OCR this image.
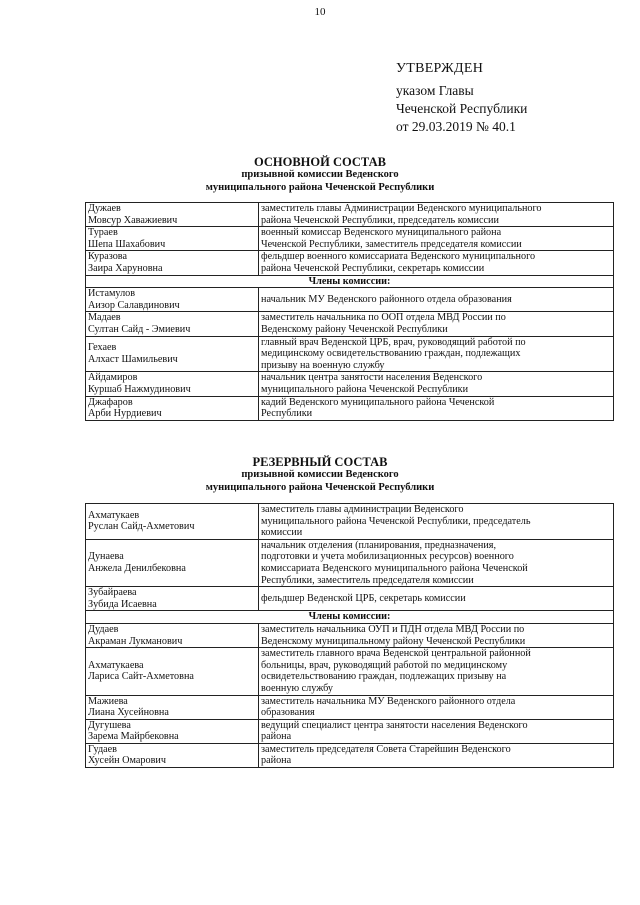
10
УТВЕРЖДЕН
указом Главы
Чеченской Республики
от 29.03.2019 № 40.1
ОСНОВНОЙ СОСТАВ
призывной комиссии Веденского
муниципального района Чеченской Республики
Дужаев
Мовсур Хаважиевич	заместитель главы Администрации Веденского муниципального
района Чеченской Республики, председатель комиссии

Тураев
Шепа Шахабович	военный комиссар Веденского муниципального района
Чеченской Республики, заместитель председателя комиссии

Куразова
Заира Харуновна	фельдшер военного комиссариата Веденского муниципального
района Чеченской Республики, секретарь комиссии

Члены комиссии:	

Истамулов
Аизор Салавдинович	начальник МУ Веденского районного отдела образования

Мадаев
Султан Сайд - Эмиевич	заместитель начальника по ООП отдела МВД России по
Веденскому району Чеченской Республики

Гехаев
Алхаст Шамильевич	главный врач Веденской ЦРБ, врач, руководящий работой по
медицинскому освидетельствованию граждан, подлежащих
призыву на военную службу

Айдамиров
Куршаб Нажмудинович	начальник центра занятости населения Веденского
муниципального района Чеченской Республики

Джафаров
Арби Нурдиевич	кадий Веденского муниципального района Чеченской
Республики
РЕЗЕРВНЫЙ СОСТАВ
призывной комиссии Веденского
муниципального района Чеченской Республики
Ахматукаев
Руслан Сайд-Ахметович	заместитель главы администрации Веденского
муниципального района Чеченской Республики, председатель
комиссии

Дунаева
Анжела Денилбековна	начальник отделения (планирования, предназначения,
подготовки и учета мобилизационных ресурсов) военного
комиссариата Веденского муниципального района Чеченской
Республики, заместитель председателя комиссии

Зубайраева
Зубида Исаевна	фельдшер Веденской ЦРБ, секретарь комиссии

Члены комиссии:	

Дудаев
Акраман Лукманович	заместитель начальника ОУП и ПДН отдела МВД России по
Веденскому муниципальному району Чеченской Республики

Ахматукаева
Лариса Сайт-Ахметовна	заместитель главного врача Веденской центральной районной
больницы, врач, руководящий работой по медицинскому
освидетельствованию граждан, подлежащих призыву на
военную службу

Мажиева
Лиана Хусейновна	заместитель начальника МУ Веденского районного отдела
образования

Дугушева
Зарема Майрбековна	ведущий специалист центра занятости населения Веденского
района

Гудаев
Хусейн Омарович	заместитель председателя Совета Старейшин Веденского
района
